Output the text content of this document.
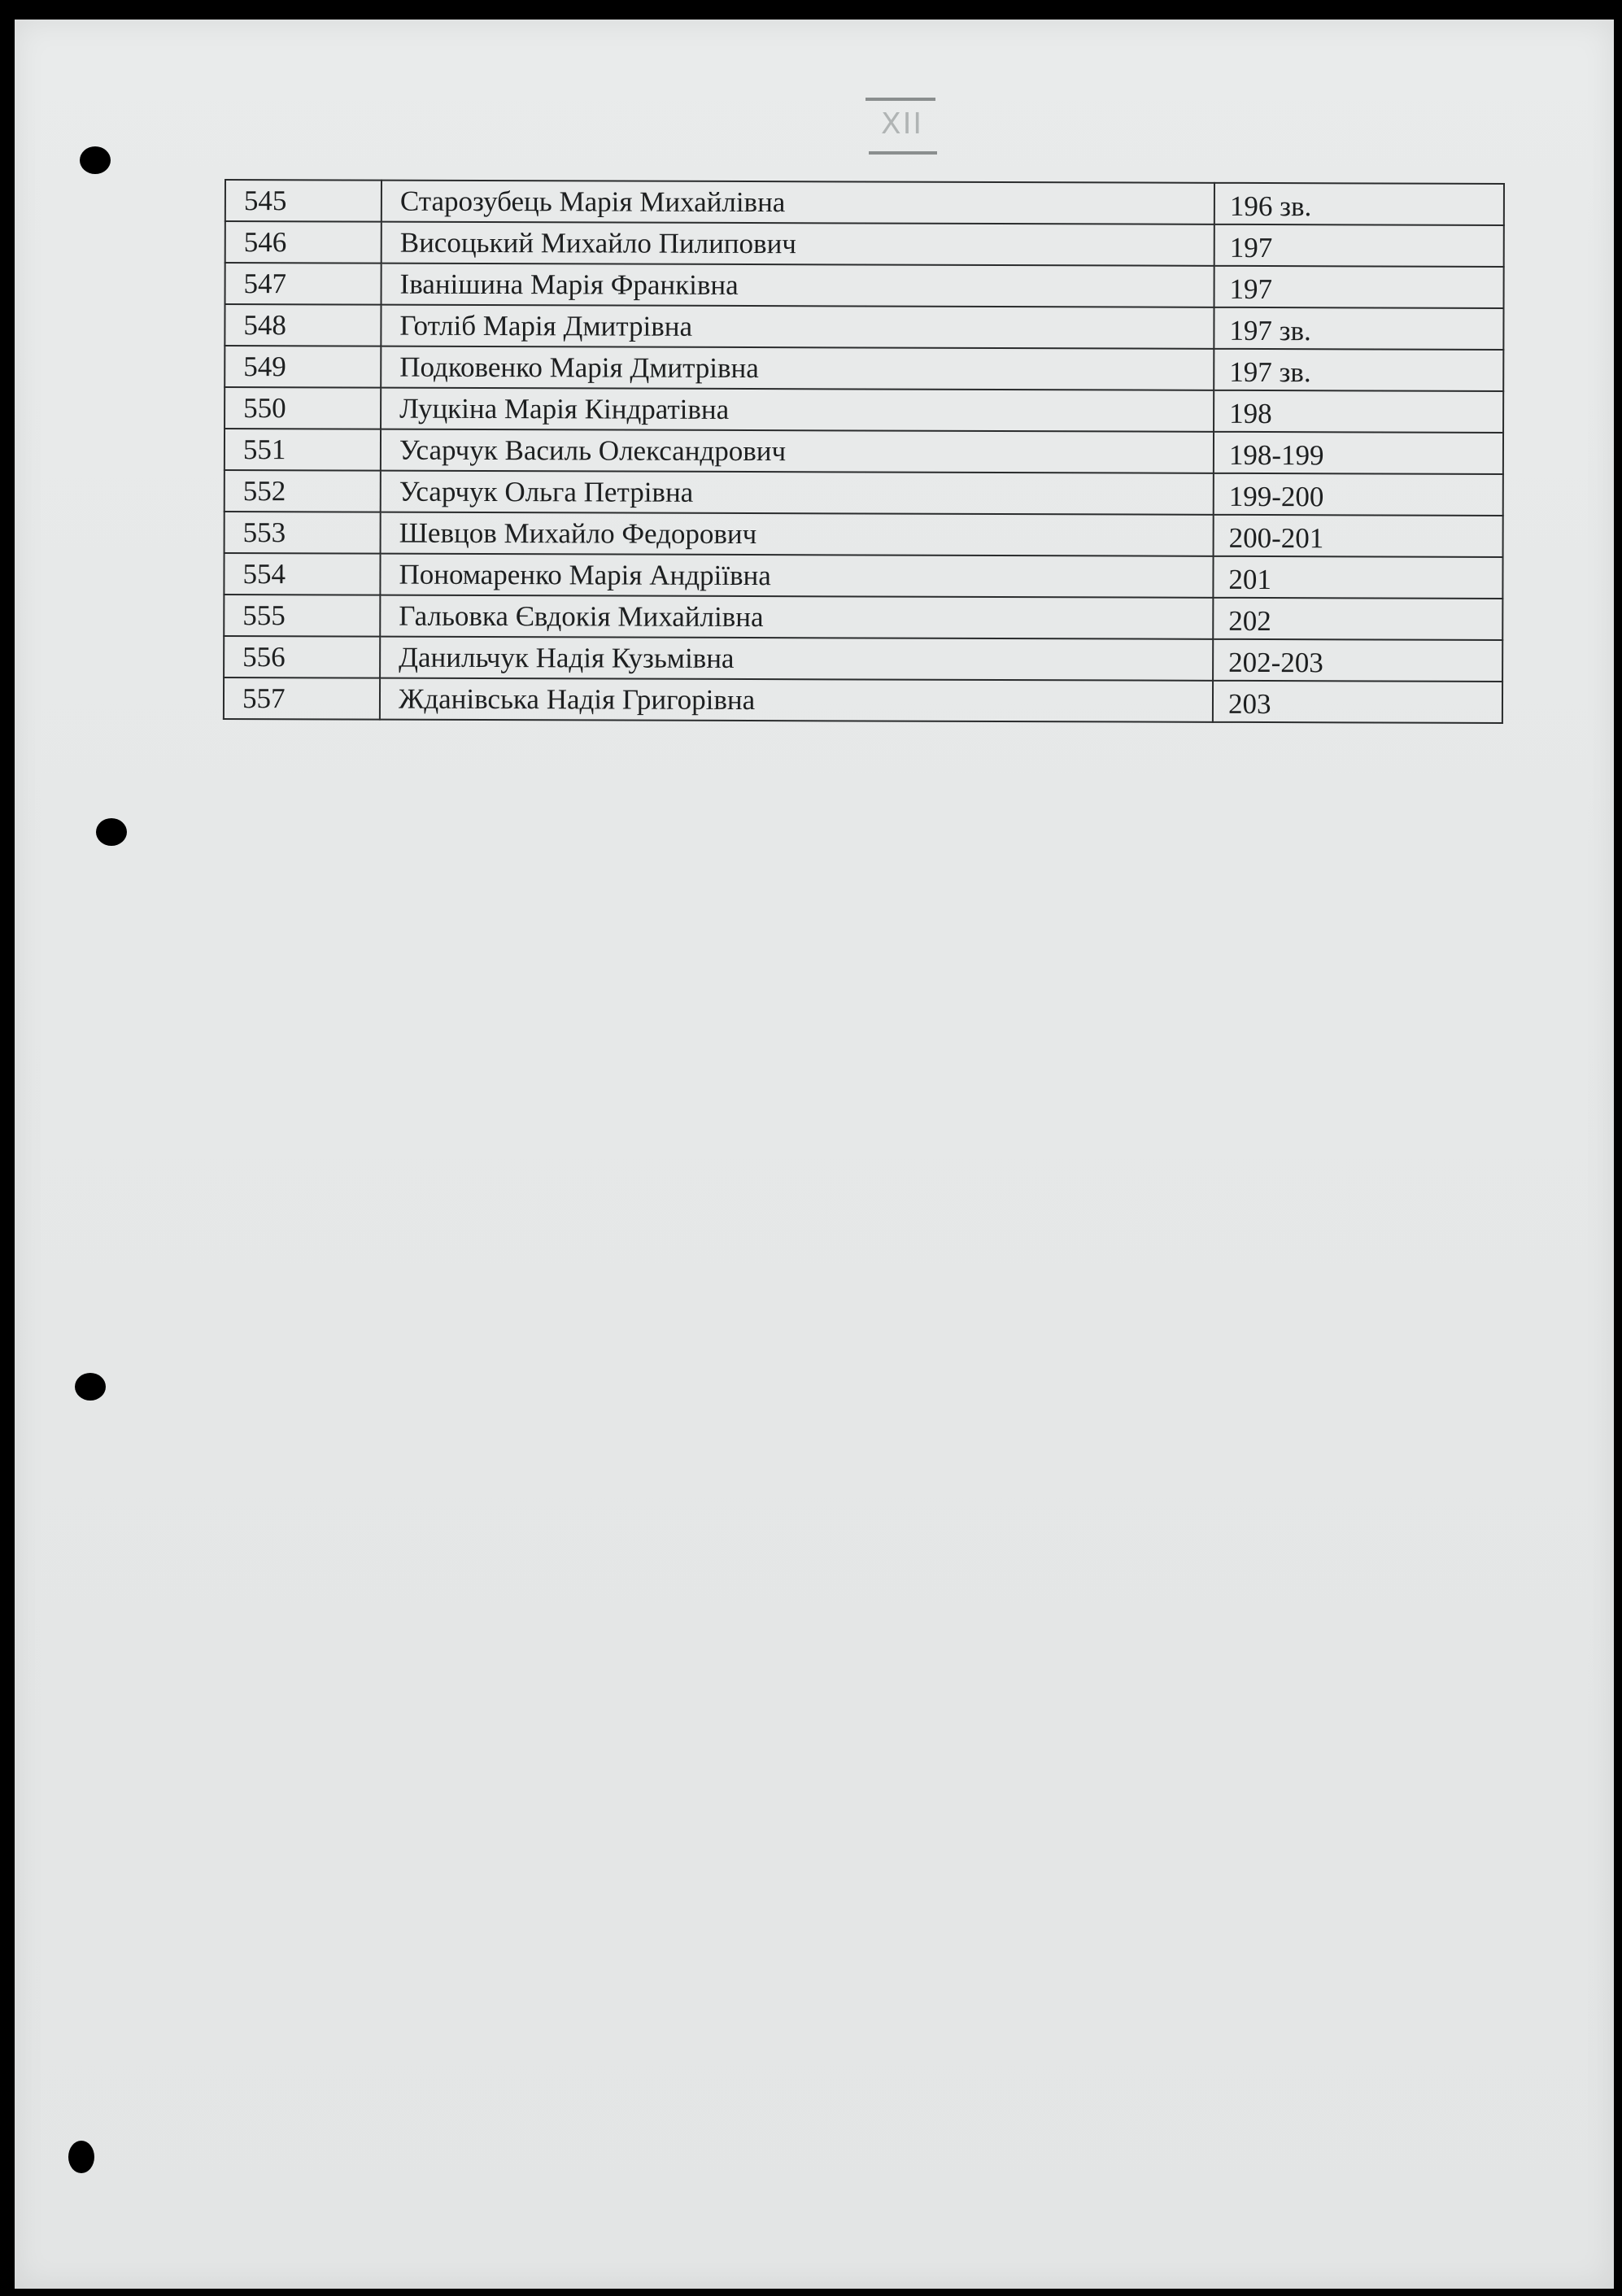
XII
545	Старозубець Марія Михайлівна	196 зв.
546	Висоцький Михайло Пилипович	197
547	Іванішина Марія Франківна	197
548	Готліб Марія Дмитрівна	197 зв.
549	Подковенко Марія Дмитрівна	197 зв.
550	Луцкіна Марія Кіндратівна	198
551	Усарчук Василь Олександрович	198-199
552	Усарчук Ольга Петрівна	199-200
553	Шевцов Михайло Федорович	200-201
554	Пономаренко Марія Андріївна	201
555	Гальовка Євдокія Михайлівна	202
556	Данильчук Надія Кузьмівна	202-203
557	Жданівська Надія Григорівна	203
